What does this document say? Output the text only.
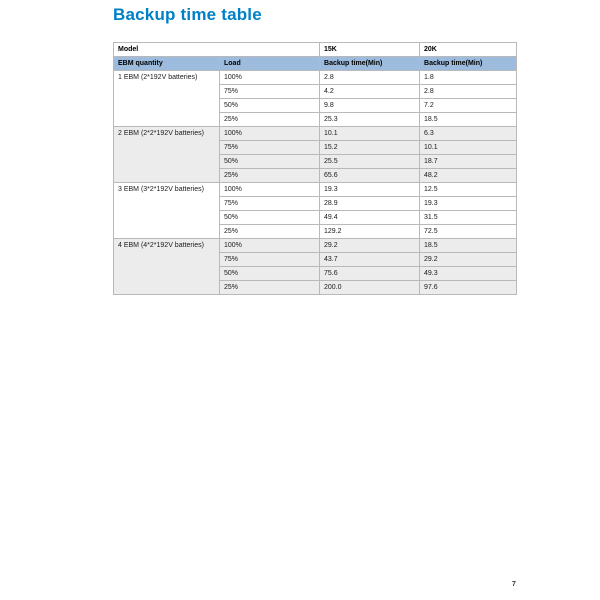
Backup time table
Model		15K	20K
EBM quantity	Load	Backup time(Min)	Backup time(Min)
1 EBM (2*192V batteries)	100%	2.8	1.8
	75%	4.2	2.8
	50%	9.8	7.2
	25%	25.3	18.5
2 EBM (2*2*192V batteries)	100%	10.1	6.3
	75%	15.2	10.1
	50%	25.5	18.7
	25%	65.6	48.2
3 EBM (3*2*192V batteries)	100%	19.3	12.5
	75%	28.9	19.3
	50%	49.4	31.5
	25%	129.2	72.5
4 EBM (4*2*192V batteries)	100%	29.2	18.5
	75%	43.7	29.2
	50%	75.6	49.3
	25%	200.0	97.6
7
